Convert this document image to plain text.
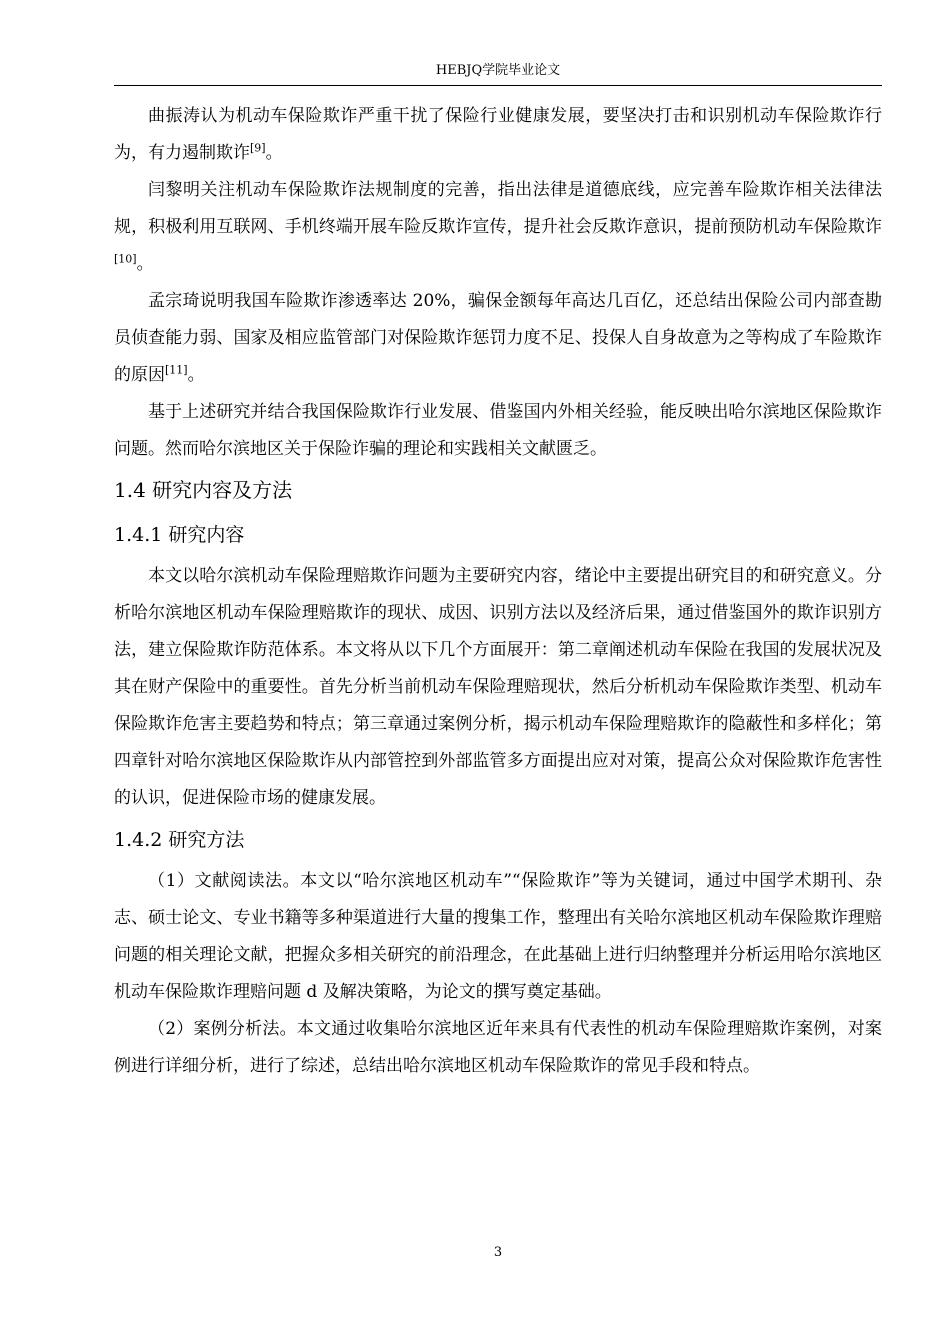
HEBJQ学院毕业论文

曲振涛认为机动车保险欺诈严重干扰了保险行业健康发展，要坚决打击和识别机动车保险欺诈行为，有力遏制欺诈[9]。

闫黎明关注机动车保险欺诈法规制度的完善，指出法律是道德底线，应完善车险欺诈相关法律法规，积极利用互联网、手机终端开展车险反欺诈宣传，提升社会反欺诈意识，提前预防机动车保险欺诈[10]。

孟宗琦说明我国车险欺诈渗透率达 20%，骗保金额每年高达几百亿，还总结出保险公司内部查勘员侦查能力弱、国家及相应监管部门对保险欺诈惩罚力度不足、投保人自身故意为之等构成了车险欺诈的原因[11]。

基于上述研究并结合我国保险欺诈行业发展、借鉴国内外相关经验，能反映出哈尔滨地区保险欺诈问题。然而哈尔滨地区关于保险诈骗的理论和实践相关文献匮乏。

1.4 研究内容及方法
1.4.1 研究内容

本文以哈尔滨机动车保险理赔欺诈问题为主要研究内容，绪论中主要提出研究目的和研究意义。分析哈尔滨地区机动车保险理赔欺诈的现状、成因、识别方法以及经济后果，通过借鉴国外的欺诈识别方法，建立保险欺诈防范体系。本文将从以下几个方面展开：第二章阐述机动车保险在我国的发展状况及其在财产保险中的重要性。首先分析当前机动车保险理赔现状，然后分析机动车保险欺诈类型、机动车保险欺诈危害主要趋势和特点；第三章通过案例分析，揭示机动车保险理赔欺诈的隐蔽性和多样化；第四章针对哈尔滨地区保险欺诈从内部管控到外部监管多方面提出应对对策，提高公众对保险欺诈危害性的认识，促进保险市场的健康发展。

1.4.2 研究方法

（1）文献阅读法。本文以“哈尔滨地区机动车”“保险欺诈”等为关键词，通过中国学术期刊、杂志、硕士论文、专业书籍等多种渠道进行大量的搜集工作，整理出有关哈尔滨地区机动车保险欺诈理赔问题的相关理论文献，把握众多相关研究的前沿理念，在此基础上进行归纳整理并分析运用哈尔滨地区机动车保险欺诈理赔问题 d 及解决策略，为论文的撰写奠定基础。

（2）案例分析法。本文通过收集哈尔滨地区近年来具有代表性的机动车保险理赔欺诈案例，对案例进行详细分析，进行了综述，总结出哈尔滨地区机动车保险欺诈的常见手段和特点。

3
